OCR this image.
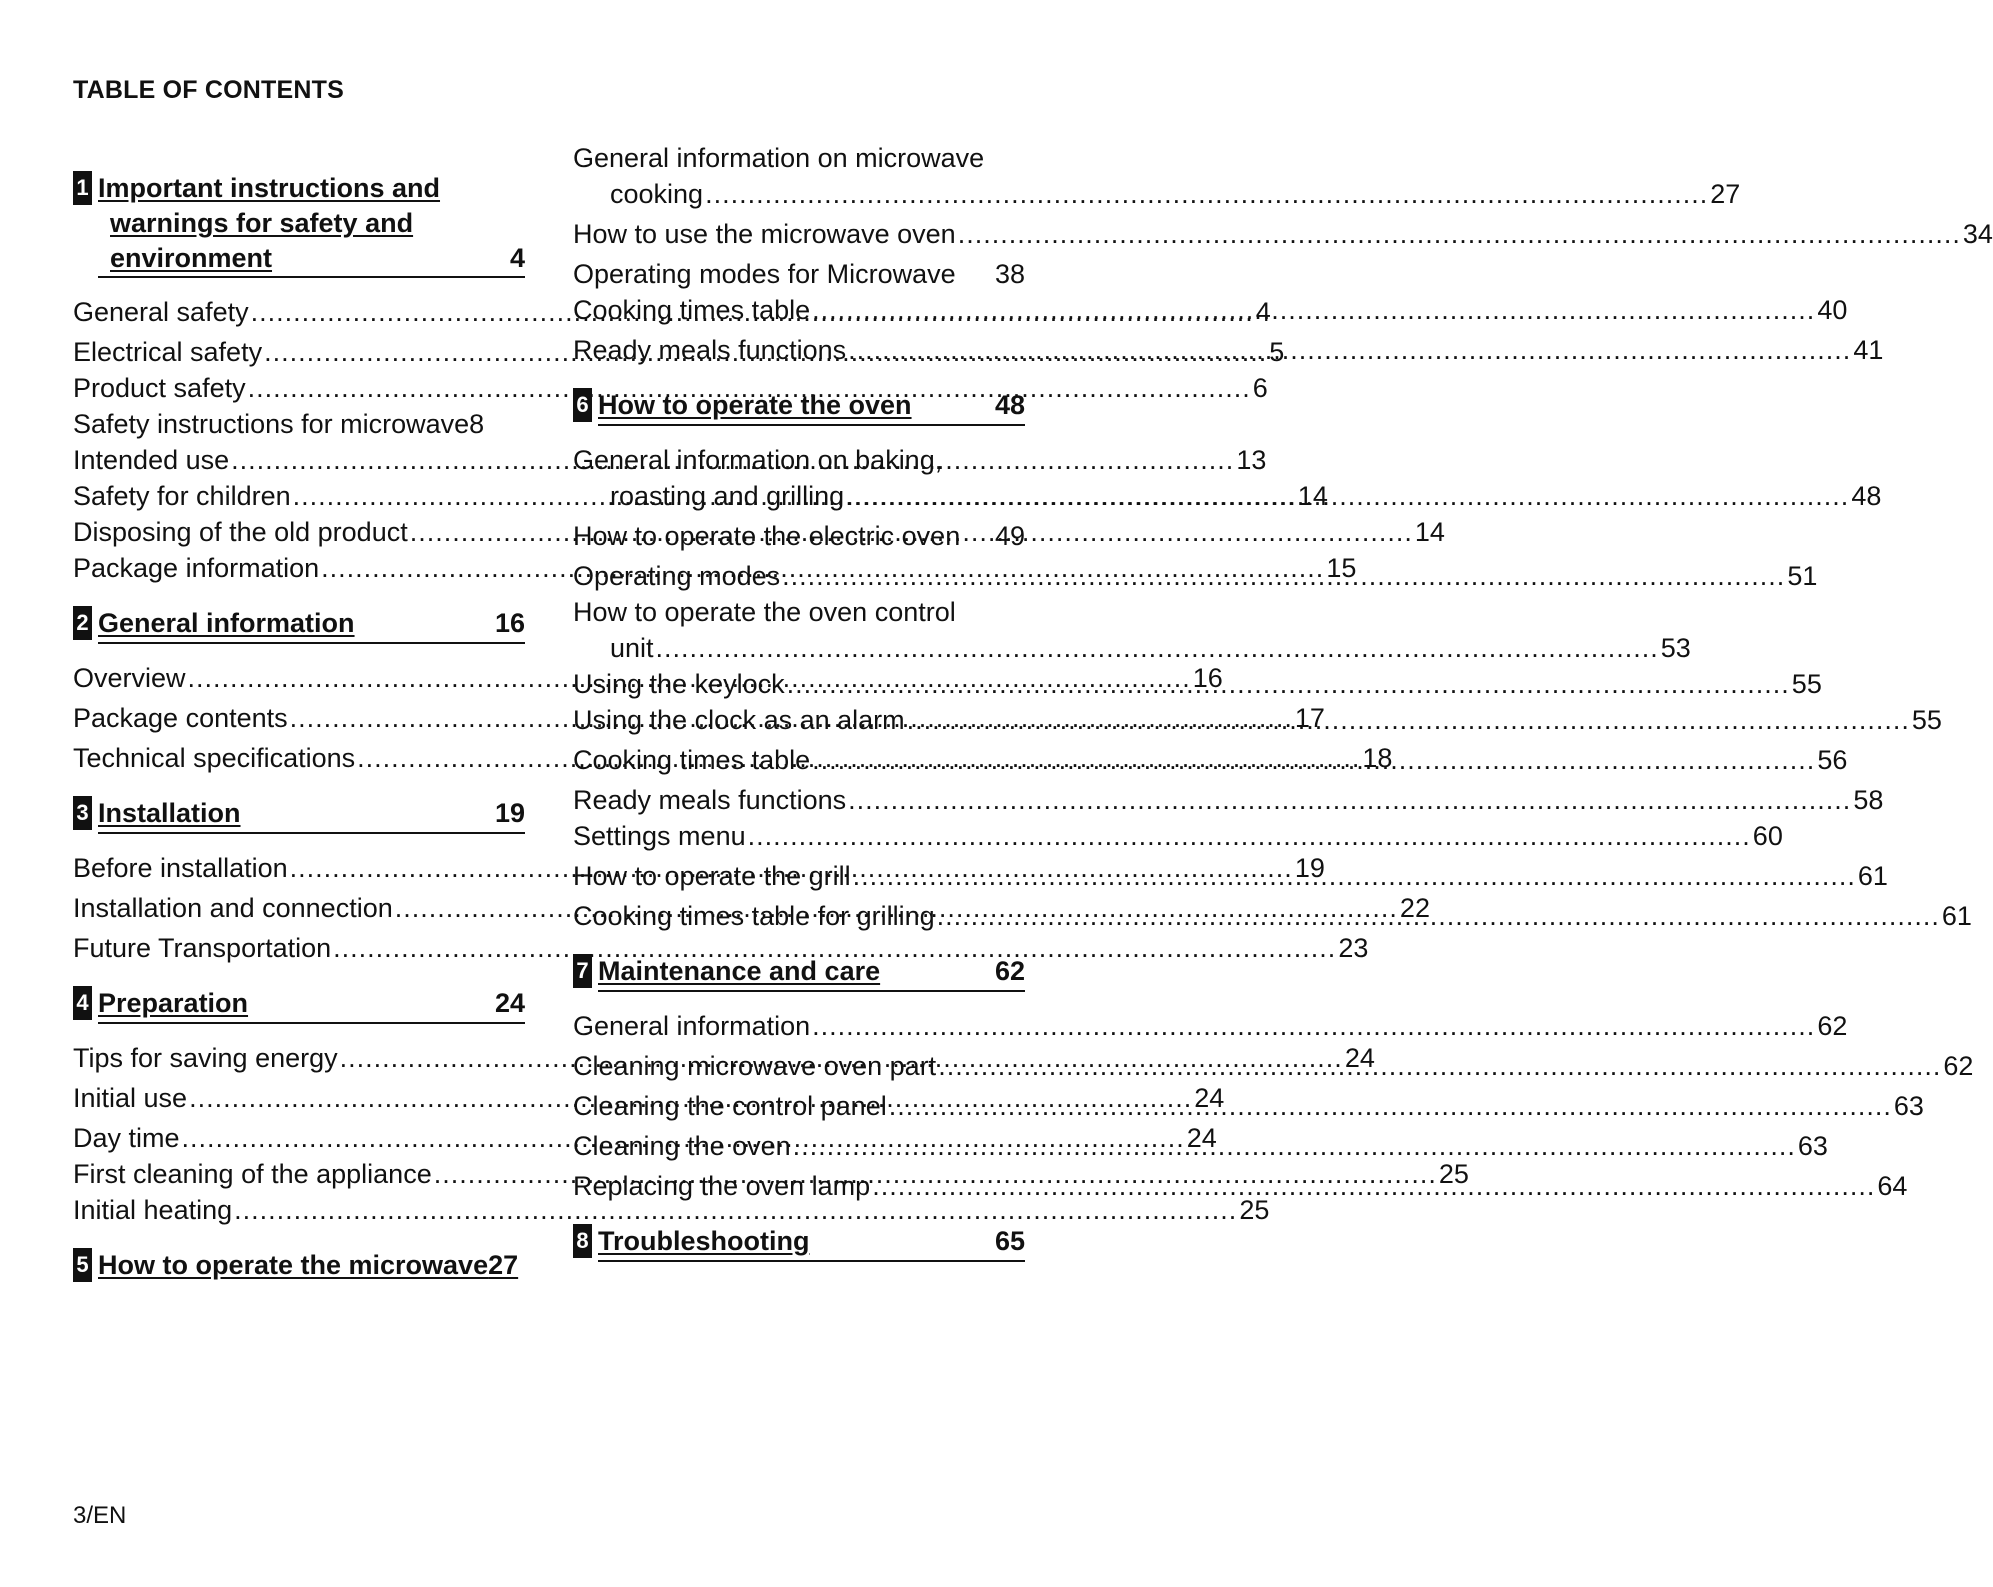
TABLE OF CONTENTS
1 Important instructions and
warnings for safety and
environment	4
General safety .....	4
Electrical safety .....	5
Product safety .....	6
Safety instructions for microwave 8
Intended use .....	13
Safety for children .....	14
Disposing of the old product .....	14
Package information .....	15
2 General information	16
Overview .....	16
Package contents .....	17
Technical specifications .....	18
3 Installation	19
Before installation .....	19
Installation and connection .....	22
Future Transportation .....	23
4 Preparation	24
Tips for saving energy .....	24
Initial use .....	24
Day time .....	24
First cleaning of the appliance .....	25
Initial heating .....	25
5 How to operate the microwave 27
General information on microwave
cooking .....	27
How to use the microwave oven .....	34
Operating modes for Microwave 38
Cooking times table .....	40
Ready meals functions .....	41
6 How to operate the oven	48
General information on baking,
roasting and grilling .....	48
How to operate the electric oven 49
Operating modes .....	51
How to operate the oven control
unit .....	53
Using the keylock .....	55
Using the clock as an alarm .....	55
Cooking times table .....	56
Ready meals functions .....	58
Settings menu .....	60
How to operate the grill .....	61
Cooking times table for grilling .....	61
7 Maintenance and care	62
General information .....	62
Cleaning microwave oven part .....	62
Cleaning the control panel .....	63
Cleaning the oven .....	63
Replacing the oven lamp .....	64
8 Troubleshooting	65
3/EN
